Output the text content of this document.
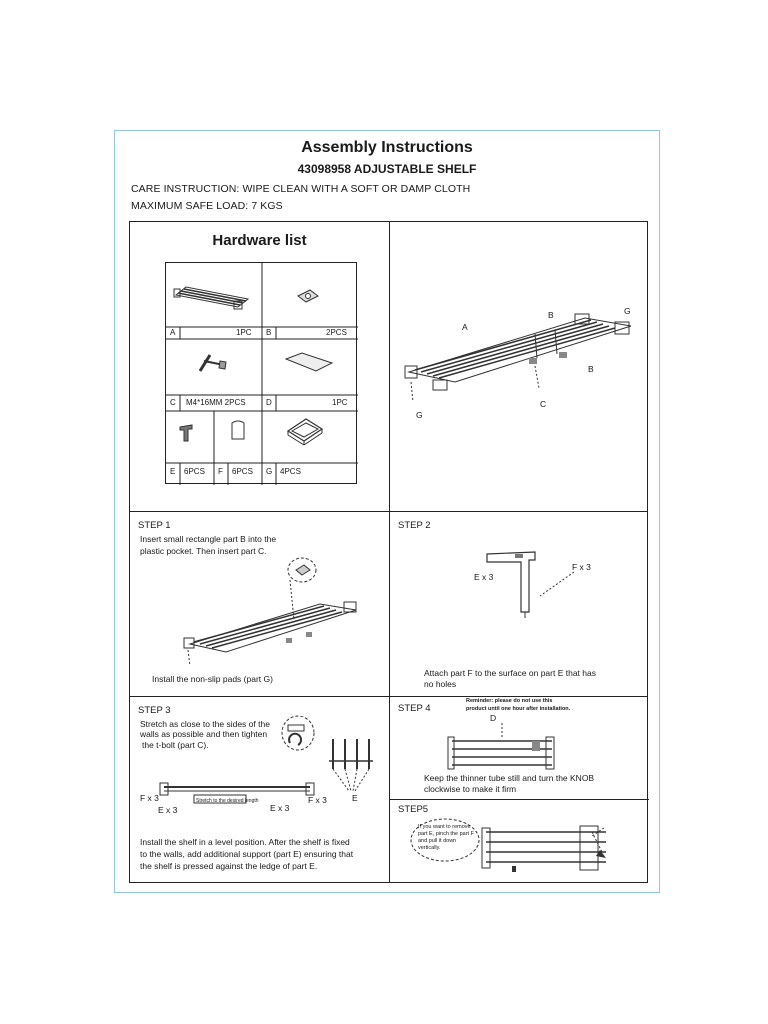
Assembly Instructions
43098958 ADJUSTABLE SHELF
CARE INSTRUCTION: WIPE CLEAN WITH A SOFT OR DAMP CLOTH
MAXIMUM SAFE LOAD: 7 KGS
Hardware list
A	1PC B	2PCS
C M4*16MM 2PCS	D	1PC
E 6PCS F 6PCS G 4PCS
A
B
B
C
G
G
STEP 1
Insert small rectangle part B into the
plastic pocket. Then insert part C.
Install the non-slip pads (part G)
STEP 2
E x 3
F x 3
Attach part F to the surface on part E that has
no holes
STEP 3
Stretch as close to the sides of the
walls as possible and then tighten
the t-bolt (part C).
E
Stretch to the desired length
F x 3
E x 3	E x 3
F x 3
Install the shelf in a level position. After the shelf is fixed
to the walls, add additional support (part E) ensuring that
the shelf is pressed against the ledge of part E.
STEP 4
Reminder: please do not use this
product until one hour after installation.
D
Keep the thinner tube still and turn the KNOB
clockwise to make it firm
STEP5
If you want to remove
part E, pinch the part F
and pull it down
vertically.
